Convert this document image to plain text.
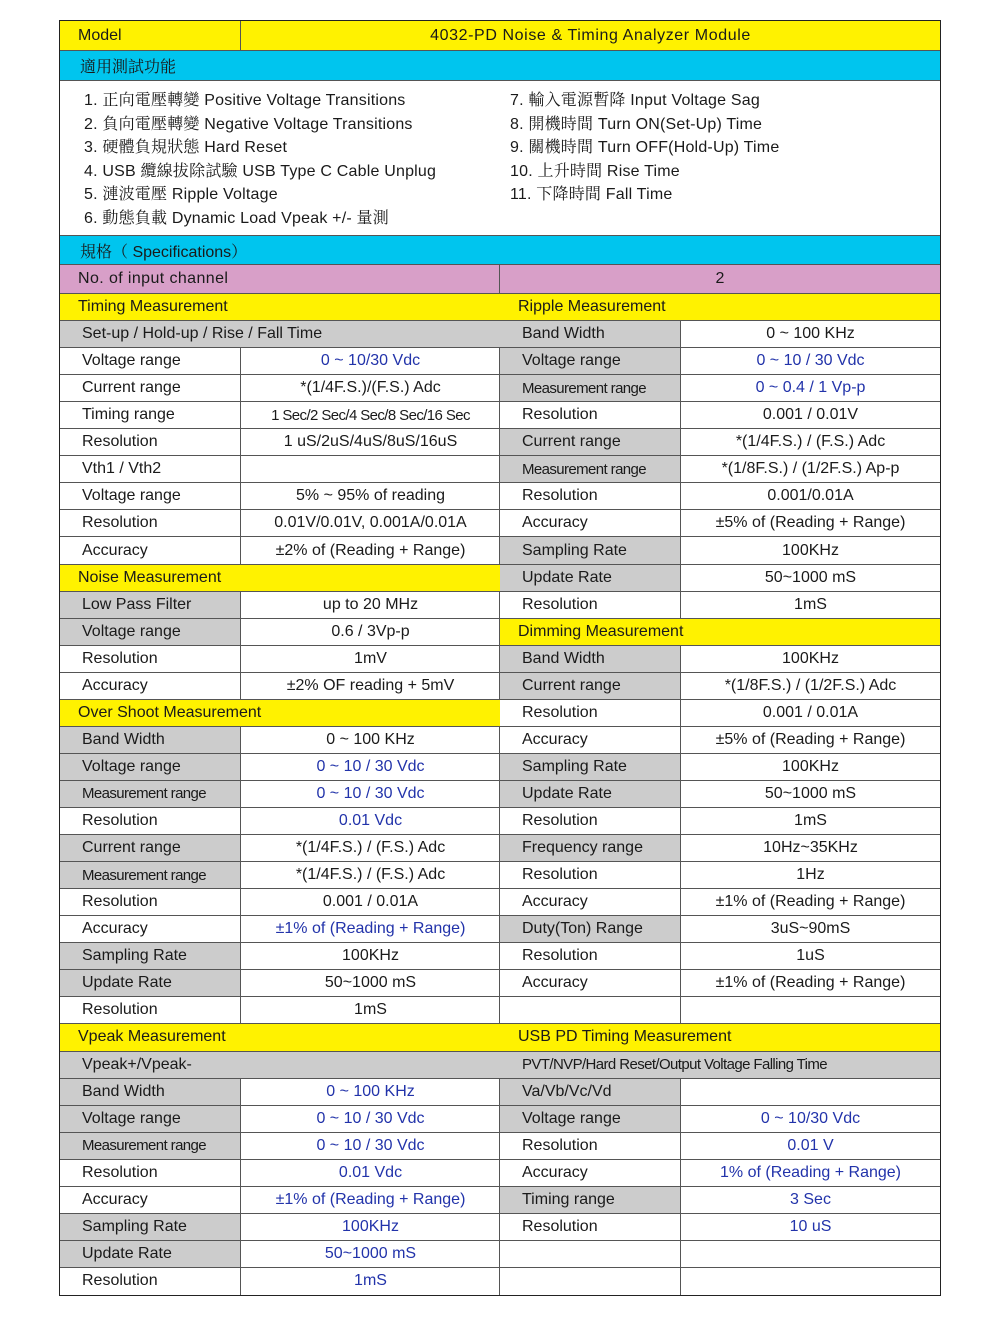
Model	4032-PD Noise & Timing Analyzer Module
適用測試功能
1. 正向電壓轉變 Positive Voltage Transitions
2. 負向電壓轉變 Negative Voltage Transitions
3. 硬體負規狀態 Hard Reset
4. USB 纜線拔除試驗 USB Type C Cable Unplug
5. 漣波電壓 Ripple Voltage
6. 動態負載 Dynamic Load Vpeak +/- 量測
7. 輸入電源暫降 Input Voltage Sag
8. 開機時間 Turn ON(Set-Up) Time
9. 關機時間 Turn OFF(Hold-Up) Time
10. 上升時間 Rise Time
11. 下降時間 Fall Time
規格（ Specifications）
No. of input channel	2
Timing Measurement
Set-up / Hold-up / Rise / Fall Time
Voltage range	0 ~ 10/30 Vdc
Current range	*(1/4F.S.)/(F.S.) Adc
Timing range	1 Sec/2 Sec/4 Sec/8 Sec/16 Sec
Resolution	1 uS/2uS/4uS/8uS/16uS
Vth1 / Vth2
Voltage range	5% ~ 95% of reading
Resolution	0.01V/0.01V, 0.001A/0.01A
Accuracy	±2% of (Reading + Range)
Noise Measurement
Low Pass Filter	up to 20 MHz
Voltage range	0.6 / 3Vp-p
Resolution	1mV
Accuracy	±2% OF reading + 5mV
Over Shoot Measurement
Band Width	0 ~ 100 KHz
Voltage range	0 ~ 10 / 30 Vdc
Measurement range	0 ~ 10 / 30 Vdc
Resolution	0.01 Vdc
Current range	*(1/4F.S.) / (F.S.) Adc
Measurement range	*(1/4F.S.) / (F.S.) Adc
Resolution	0.001 / 0.01A
Accuracy	±1% of (Reading + Range)
Sampling Rate	100KHz
Update Rate	50~1000 mS
Resolution	1mS
Vpeak Measurement
Vpeak+/Vpeak-
Band Width	0 ~ 100 KHz
Voltage range	0 ~ 10 / 30 Vdc
Measurement range	0 ~ 10 / 30 Vdc
Resolution	0.01 Vdc
Accuracy	±1% of (Reading + Range)
Sampling Rate	100KHz
Update Rate	50~1000 mS
Resolution	1mS
Ripple Measurement
Band Width	0 ~ 100 KHz
Voltage range	0 ~ 10 / 30 Vdc
Measurement range	0 ~ 0.4 / 1 Vp-p
Resolution	0.001 / 0.01V
Current range	*(1/4F.S.) / (F.S.) Adc
Measurement range	*(1/8F.S.) / (1/2F.S.) Ap-p
Resolution	0.001/0.01A
Accuracy	±5% of (Reading + Range)
Sampling Rate	100KHz
Update Rate	50~1000 mS
Resolution	1mS
Dimming Measurement
Band Width	100KHz
Current range	*(1/8F.S.) / (1/2F.S.) Adc
Resolution	0.001 / 0.01A
Accuracy	±5% of (Reading + Range)
Sampling Rate	100KHz
Update Rate	50~1000 mS
Resolution	1mS
Frequency range	10Hz~35KHz
Resolution	1Hz
Accuracy	±1% of (Reading + Range)
Duty(Ton) Range	3uS~90mS
Resolution	1uS
Accuracy	±1% of (Reading + Range)
USB PD Timing Measurement
PVT/NVP/Hard Reset/Output Voltage Falling Time
Va/Vb/Vc/Vd
Voltage range	0 ~ 10/30 Vdc
Resolution	0.01 V
Accuracy	1% of (Reading + Range)
Timing range	3 Sec
Resolution	10 uS
